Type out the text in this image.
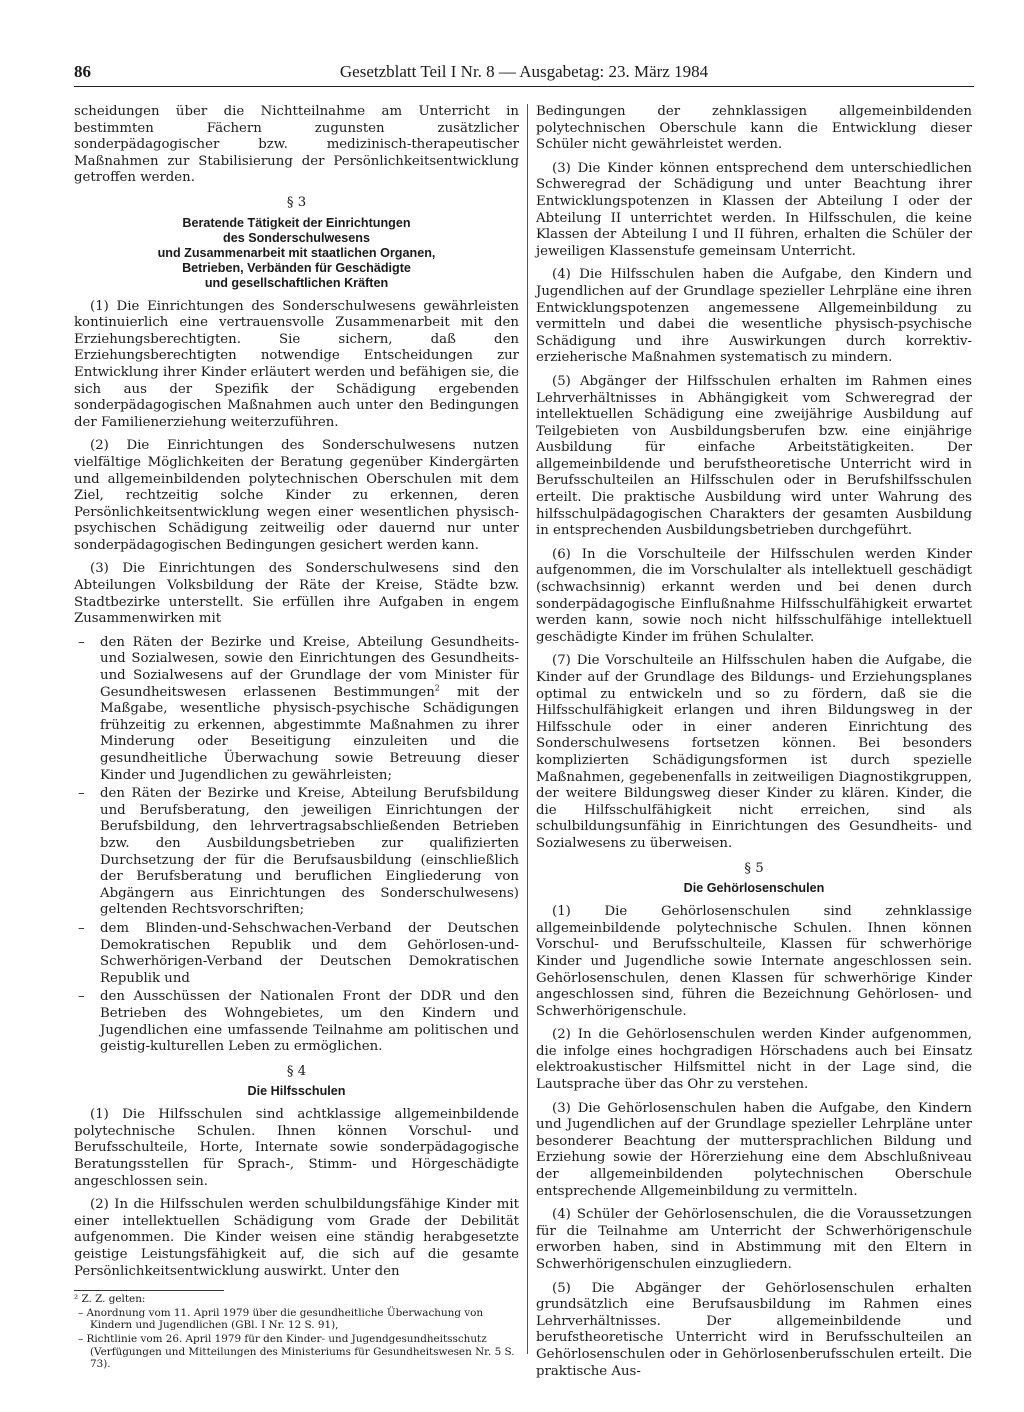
86	Gesetzblatt Teil I Nr. 8 — Ausgabetag: 23. März 1984

scheidungen über die Nichtteilnahme am Unterricht in bestimmten Fächern zugunsten zusätzlicher sonderpädagogischer bzw. medizinisch-therapeutischer Maßnahmen zur Stabilisierung der Persönlichkeitsentwicklung getroffen werden.

§ 3
Beratende Tätigkeit der Einrichtungen
des Sonderschulwesens
und Zusammenarbeit mit staatlichen Organen,
Betrieben, Verbänden für Geschädigte
und gesellschaftlichen Kräften

(1) Die Einrichtungen des Sonderschulwesens gewährleisten kontinuierlich eine vertrauensvolle Zusammenarbeit mit den Erziehungsberechtigten. Sie sichern, daß den Erziehungsberechtigten notwendige Entscheidungen zur Entwicklung ihrer Kinder erläutert werden und befähigen sie, die sich aus der Spezifik der Schädigung ergebenden sonderpädagogischen Maßnahmen auch unter den Bedingungen der Familienerziehung weiterzuführen.

(2) Die Einrichtungen des Sonderschulwesens nutzen vielfältige Möglichkeiten der Beratung gegenüber Kindergärten und allgemeinbildenden polytechnischen Oberschulen mit dem Ziel, rechtzeitig solche Kinder zu erkennen, deren Persönlichkeitsentwicklung wegen einer wesentlichen physisch-psychischen Schädigung zeitweilig oder dauernd nur unter sonderpädagogischen Bedingungen gesichert werden kann.

(3) Die Einrichtungen des Sonderschulwesens sind den Abteilungen Volksbildung der Räte der Kreise, Städte bzw. Stadtbezirke unterstellt. Sie erfüllen ihre Aufgaben in engem Zusammenwirken mit

– den Räten der Bezirke und Kreise, Abteilung Gesundheits- und Sozialwesen, sowie den Einrichtungen des Gesundheits- und Sozialwesens auf der Grundlage der vom Minister für Gesundheitswesen erlassenen Bestimmungen$^2$ mit der Maßgabe, wesentliche physisch-psychische Schädigungen frühzeitig zu erkennen, abgestimmte Maßnahmen zu ihrer Minderung oder Beseitigung einzuleiten und die gesundheitliche Überwachung sowie Betreuung dieser Kinder und Jugendlichen zu gewährleisten;
– den Räten der Bezirke und Kreise, Abteilung Berufsbildung und Berufsberatung, den jeweiligen Einrichtungen der Berufsbildung, den lehrvertragsabschließenden Betrieben bzw. den Ausbildungsbetrieben zur qualifizierten Durchsetzung der für die Berufsausbildung (einschließlich der Berufsberatung und beruflichen Eingliederung von Abgängern aus Einrichtungen des Sonderschulwesens) geltenden Rechtsvorschriften;
– dem Blinden-und-Sehschwachen-Verband der Deutschen Demokratischen Republik und dem Gehörlosen-und-Schwerhörigen-Verband der Deutschen Demokratischen Republik und
– den Ausschüssen der Nationalen Front der DDR und den Betrieben des Wohngebietes, um den Kindern und Jugendlichen eine umfassende Teilnahme am politischen und geistig-kulturellen Leben zu ermöglichen.
§ 4
Die Hilfsschulen

(1) Die Hilfsschulen sind achtklassige allgemeinbildende polytechnische Schulen. Ihnen können Vorschul- und Berufsschulteile, Horte, Internate sowie sonderpädagogische Beratungsstellen für Sprach-, Stimm- und Hörgeschädigte angeschlossen sein.

(2) In die Hilfsschulen werden schulbildungsfähige Kinder mit einer intellektuellen Schädigung vom Grade der Debilität aufgenommen. Die Kinder weisen eine ständig herabgesetzte geistige Leistungsfähigkeit auf, die sich auf die gesamte Persönlichkeitsentwicklung auswirkt. Unter den

² Z. Z. gelten:
– Anordnung vom 11. April 1979 über die gesundheitliche Überwachung von Kindern und Jugendlichen (GBl. I Nr. 12 S. 91),
– Richtlinie vom 26. April 1979 für den Kinder- und Jugendgesundheitsschutz (Verfügungen und Mitteilungen des Ministeriums für Gesundheitswesen Nr. 5 S. 73).

Bedingungen der zehnklassigen allgemeinbildenden polytechnischen Oberschule kann die Entwicklung dieser Schüler nicht gewährleistet werden.

(3) Die Kinder können entsprechend dem unterschiedlichen Schweregrad der Schädigung und unter Beachtung ihrer Entwicklungspotenzen in Klassen der Abteilung I oder der Abteilung II unterrichtet werden. In Hilfsschulen, die keine Klassen der Abteilung I und II führen, erhalten die Schüler der jeweiligen Klassenstufe gemeinsam Unterricht.

(4) Die Hilfsschulen haben die Aufgabe, den Kindern und Jugendlichen auf der Grundlage spezieller Lehrpläne eine ihren Entwicklungspotenzen angemessene Allgemeinbildung zu vermitteln und dabei die wesentliche physisch-psychische Schädigung und ihre Auswirkungen durch korrektiv-erzieherische Maßnahmen systematisch zu mindern.

(5) Abgänger der Hilfsschulen erhalten im Rahmen eines Lehrverhältnisses in Abhängigkeit vom Schweregrad der intellektuellen Schädigung eine zweijährige Ausbildung auf Teilgebieten von Ausbildungsberufen bzw. eine einjährige Ausbildung für einfache Arbeitstätigkeiten. Der allgemeinbildende und berufstheoretische Unterricht wird in Berufsschulteilen an Hilfsschulen oder in Berufshilfsschulen erteilt. Die praktische Ausbildung wird unter Wahrung des hilfsschulpädagogischen Charakters der gesamten Ausbildung in entsprechenden Ausbildungsbetrieben durchgeführt.

(6) In die Vorschulteile der Hilfsschulen werden Kinder aufgenommen, die im Vorschulalter als intellektuell geschädigt (schwachsinnig) erkannt werden und bei denen durch sonderpädagogische Einflußnahme Hilfsschulfähigkeit erwartet werden kann, sowie noch nicht hilfsschulfähige intellektuell geschädigte Kinder im frühen Schulalter.

(7) Die Vorschulteile an Hilfsschulen haben die Aufgabe, die Kinder auf der Grundlage des Bildungs- und Erziehungsplanes optimal zu entwickeln und so zu fördern, daß sie die Hilfsschulfähigkeit erlangen und ihren Bildungsweg in der Hilfsschule oder in einer anderen Einrichtung des Sonderschulwesens fortsetzen können. Bei besonders komplizierten Schädigungsformen ist durch spezielle Maßnahmen, gegebenenfalls in zeitweiligen Diagnostikgruppen, der weitere Bildungsweg dieser Kinder zu klären. Kinder, die die Hilfsschulfähigkeit nicht erreichen, sind als schulbildungsunfähig in Einrichtungen des Gesundheits- und Sozialwesens zu überweisen.

§ 5
Die Gehörlosenschulen

(1) Die Gehörlosenschulen sind zehnklassige allgemeinbildende polytechnische Schulen. Ihnen können Vorschul- und Berufsschulteile, Klassen für schwerhörige Kinder und Jugendliche sowie Internate angeschlossen sein. Gehörlosenschulen, denen Klassen für schwerhörige Kinder angeschlossen sind, führen die Bezeichnung Gehörlosen- und Schwerhörigenschule.

(2) In die Gehörlosenschulen werden Kinder aufgenommen, die infolge eines hochgradigen Hörschadens auch bei Einsatz elektroakustischer Hilfsmittel nicht in der Lage sind, die Lautsprache über das Ohr zu verstehen.

(3) Die Gehörlosenschulen haben die Aufgabe, den Kindern und Jugendlichen auf der Grundlage spezieller Lehrpläne unter besonderer Beachtung der muttersprachlichen Bildung und Erziehung sowie der Hörerziehung eine dem Abschlußniveau der allgemeinbildenden polytechnischen Oberschule entsprechende Allgemeinbildung zu vermitteln.

(4) Schüler der Gehörlosenschulen, die die Voraussetzungen für die Teilnahme am Unterricht der Schwerhörigenschule erworben haben, sind in Abstimmung mit den Eltern in Schwerhörigenschulen einzugliedern.

(5) Die Abgänger der Gehörlosenschulen erhalten grundsätzlich eine Berufsausbildung im Rahmen eines Lehrverhältnisses. Der allgemeinbildende und berufstheoretische Unterricht wird in Berufsschulteilen an Gehörlosenschulen oder in Gehörlosenberufsschulen erteilt. Die praktische Aus-
